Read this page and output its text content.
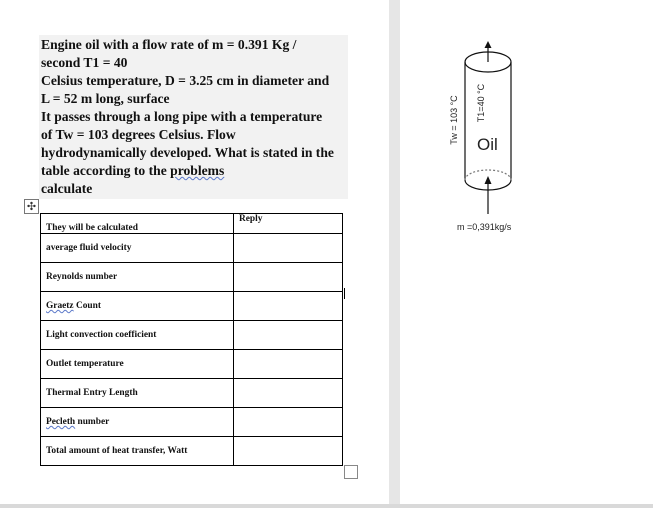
Engine oil with a flow rate of m = 0.391 Kg /

second T1 = 40

Celsius temperature, D = 3.25 cm in diameter and

L = 52 m long, surface

It passes through a long pipe with a temperature

of Tw = 103 degrees Celsius. Flow

hydrodynamically developed. What is stated in the

table according to the problems

calculate

✣
They will be calculated	Reply
average fluid velocity	
Reynolds number	
Graetz Count	
Light convection coefficient	
Outlet temperature	
Thermal Entry Length	
Pecleth number	
Total amount of heat transfer, Watt	
Tw = 103 °C T1=40 °C
Oil
m =0,391kg/s
